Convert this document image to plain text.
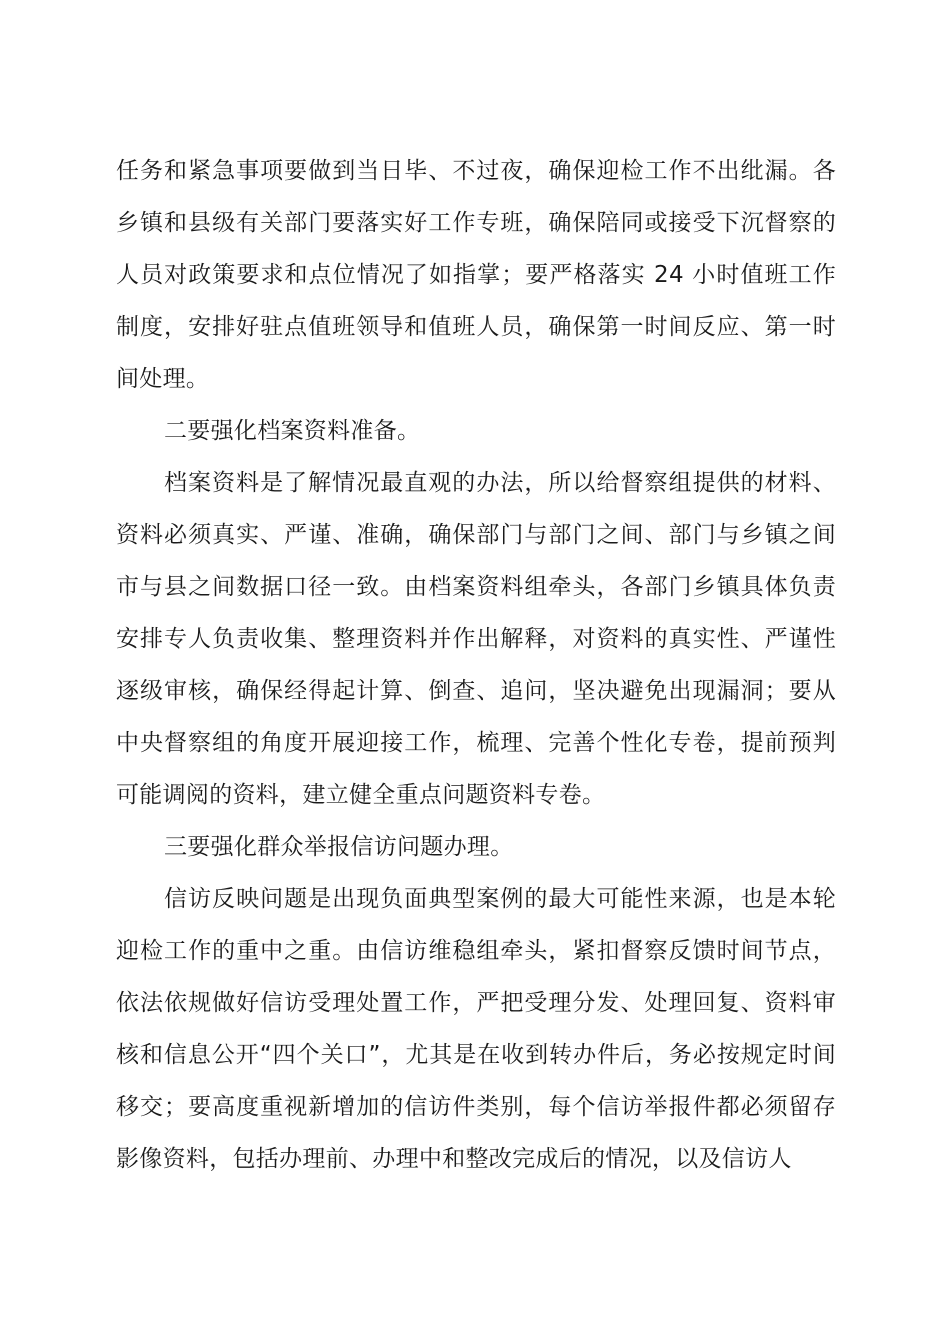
任务和紧急事项要做到当日毕、不过夜，确保迎检工作不出纰漏。各乡镇和县级有关部门要落实好工作专班，确保陪同或接受下沉督察的人员对政策要求和点位情况了如指掌；要严格落实 24 小时值班工作制度，安排好驻点值班领导和值班人员，确保第一时间反应、第一时间处理。

二要强化档案资料准备。

档案资料是了解情况最直观的办法，所以给督察组提供的材料、资料必须真实、严谨、准确，确保部门与部门之间、部门与乡镇之间市与县之间数据口径一致。由档案资料组牵头，各部门乡镇具体负责安排专人负责收集、整理资料并作出解释，对资料的真实性、严谨性逐级审核，确保经得起计算、倒查、追问，坚决避免出现漏洞；要从中央督察组的角度开展迎接工作，梳理、完善个性化专卷，提前预判可能调阅的资料，建立健全重点问题资料专卷。

三要强化群众举报信访问题办理。

信访反映问题是出现负面典型案例的最大可能性来源，也是本轮迎检工作的重中之重。由信访维稳组牵头，紧扣督察反馈时间节点，依法依规做好信访受理处置工作，严把受理分发、处理回复、资料审核和信息公开“四个关口”，尤其是在收到转办件后，务必按规定时间移交；要高度重视新增加的信访件类别，每个信访举报件都必须留存影像资料，包括办理前、办理中和整改完成后的情况，以及信访人
